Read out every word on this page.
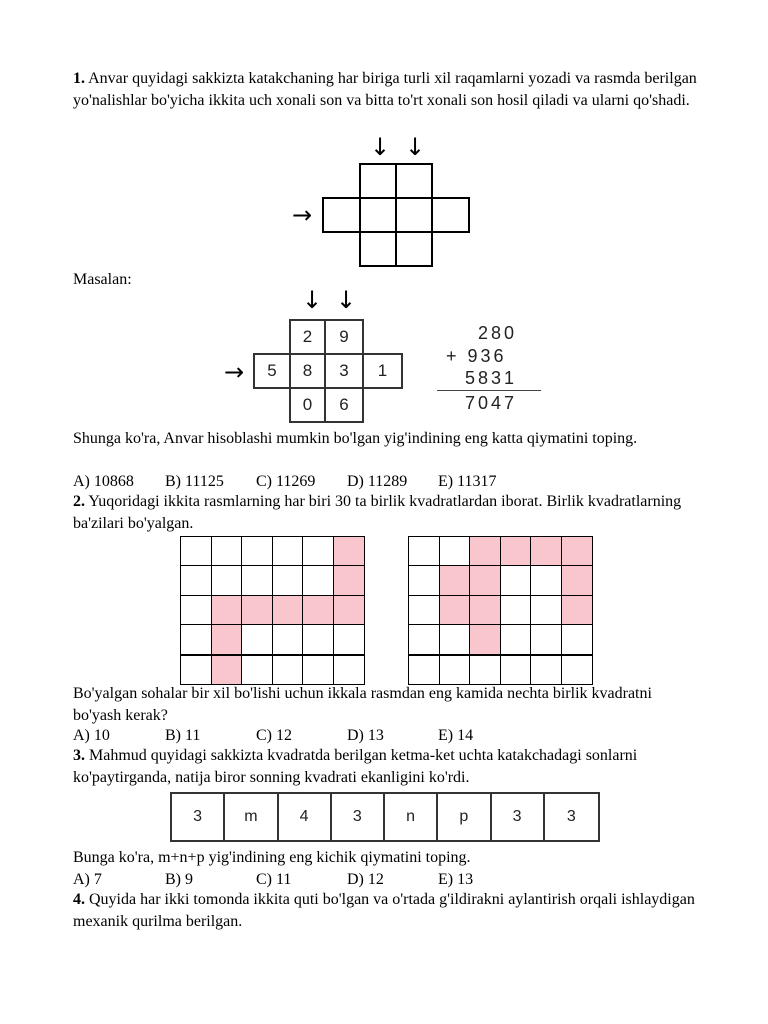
1. Anvar quyidagi sakkizta katakchaning har biriga turli xil raqamlarni yozadi va rasmda berilgan yo'nalishlar bo'yicha ikkita uch xonali son va bitta to'rt xonali son hosil qiladi va ularni qo'shadi.

↓ ↓
→

Masalan:

↓ ↓
→
2	9
5	8	3	1
0	6
280
+ 936
5831
7047

Shunga ko'ra, Anvar hisoblashi mumkin bo'lgan yig'indining eng katta qiymatini toping.

A) 10868 B) 11125 C) 11269 D) 11289 E) 11317

2. Yuqoridagi ikkita rasmlarning har biri 30 ta birlik kvadratlardan iborat. Birlik kvadratlarning ba'zilari bo'yalgan.

Bo'yalgan sohalar bir xil bo'lishi uchun ikkala rasmdan eng kamida nechta birlik kvadratni bo'yash kerak?

A) 10	B) 11	C) 12	D) 13	E) 14

3. Mahmud quyidagi sakkizta kvadratda berilgan ketma-ket uchta katakchadagi sonlarni ko'paytirganda, natija biror sonning kvadrati ekanligini ko'rdi.

3	m	4	3	n	p	3	3

Bunga ko'ra, m+n+p yig'indining eng kichik qiymatini toping.

A) 7	B) 9	C) 11	D) 12	E) 13

4. Quyida har ikki tomonda ikkita quti bo'lgan va o'rtada g'ildirakni aylantirish orqali ishlaydigan mexanik qurilma berilgan.
